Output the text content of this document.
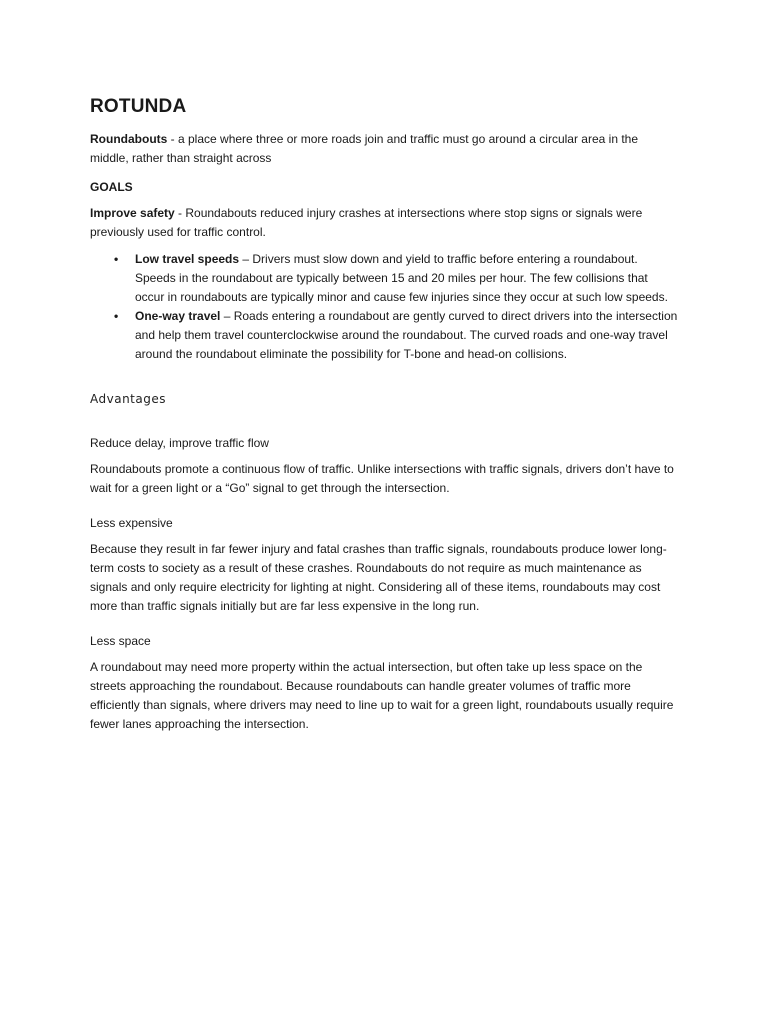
ROTUNDA

Roundabouts - a place where three or more roads join and traffic must go around a circular area in the middle, rather than straight across

GOALS

Improve safety - Roundabouts reduced injury crashes at intersections where stop signs or signals were previously used for traffic control.

• Low travel speeds – Drivers must slow down and yield to traffic before entering a roundabout. Speeds in the roundabout are typically between 15 and 20 miles per hour. The few collisions that occur in roundabouts are typically minor and cause few injuries since they occur at such low speeds.
• One-way travel – Roads entering a roundabout are gently curved to direct drivers into the intersection and help them travel counterclockwise around the roundabout. The curved roads and one-way travel around the roundabout eliminate the possibility for T-bone and head-on collisions.
Advantages
Reduce delay, improve traffic flow

Roundabouts promote a continuous flow of traffic. Unlike intersections with traffic signals, drivers don’t have to wait for a green light or a “Go” signal to get through the intersection.

Less expensive

Because they result in far fewer injury and fatal crashes than traffic signals, roundabouts produce lower long-term costs to society as a result of these crashes. Roundabouts do not require as much maintenance as signals and only require electricity for lighting at night. Considering all of these items, roundabouts may cost more than traffic signals initially but are far less expensive in the long run.

Less space

A roundabout may need more property within the actual intersection, but often take up less space on the streets approaching the roundabout. Because roundabouts can handle greater volumes of traffic more efficiently than signals, where drivers may need to line up to wait for a green light, roundabouts usually require fewer lanes approaching the intersection.
